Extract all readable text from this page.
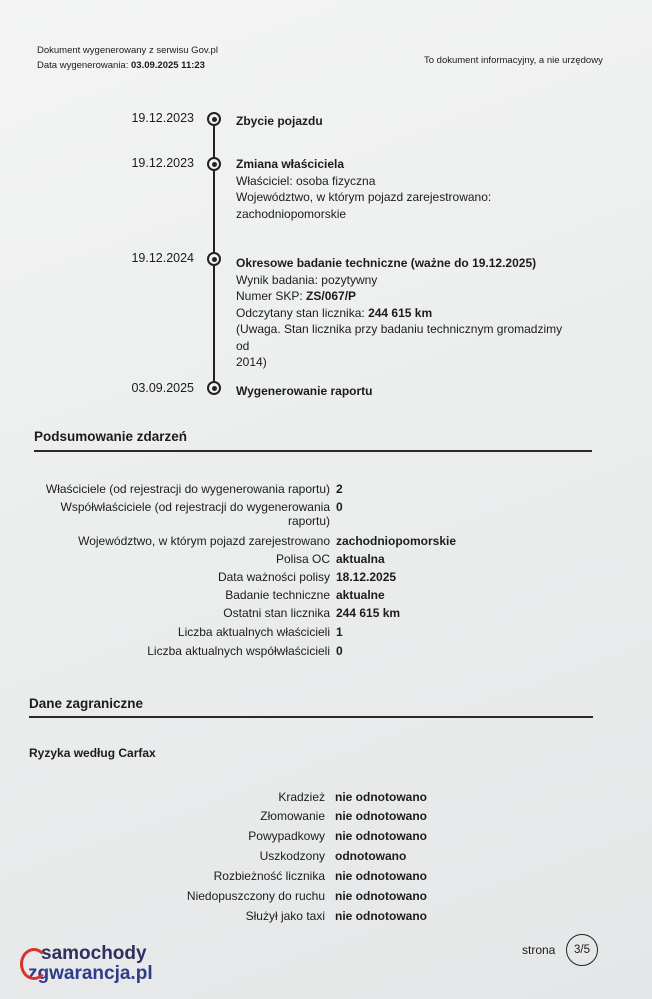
Dokument wygenerowany z serwisu Gov.pl
Data wygenerowania: 03.09.2025 11:23	To dokument informacyjny, a nie urzędowy
19.12.2023	Zbycie pojazdu
19.12.2023	Zmiana właściciela
Właściciel: osoba fizyczna
Województwo, w którym pojazd zarejestrowano:
zachodniopomorskie
19.12.2024	Okresowe badanie techniczne (ważne do 19.12.2025)
Wynik badania: pozytywny
Numer SKP: ZS/067/P
Odczytany stan licznika: 244 615 km
(Uwaga. Stan licznika przy badaniu technicznym gromadzimy od
2014)
03.09.2025	Wygenerowanie raportu
Podsumowanie zdarzeń
Właściciele (od rejestracji do wygenerowania raportu) 2
Współwłaściciele (od rejestracji do wygenerowania
raportu)
0
Województwo, w którym pojazd zarejestrowano zachodniopomorskie
Polisa OC aktualna
Data ważności polisy 18.12.2025
Badanie techniczne aktualne
Ostatni stan licznika 244 615 km
Liczba aktualnych właścicieli 1
Liczba aktualnych współwłaścicieli 0
Dane zagraniczne
Ryzyka według Carfax
Kradzież nie odnotowano
Złomowanie nie odnotowano
Powypadkowy nie odnotowano
Uszkodzony odnotowano
Rozbieżność licznika nie odnotowano
Niedopuszczony do ruchu nie odnotowano
Służył jako taxi nie odnotowano
samochody
zgwarancja.pl
strona	3/5
